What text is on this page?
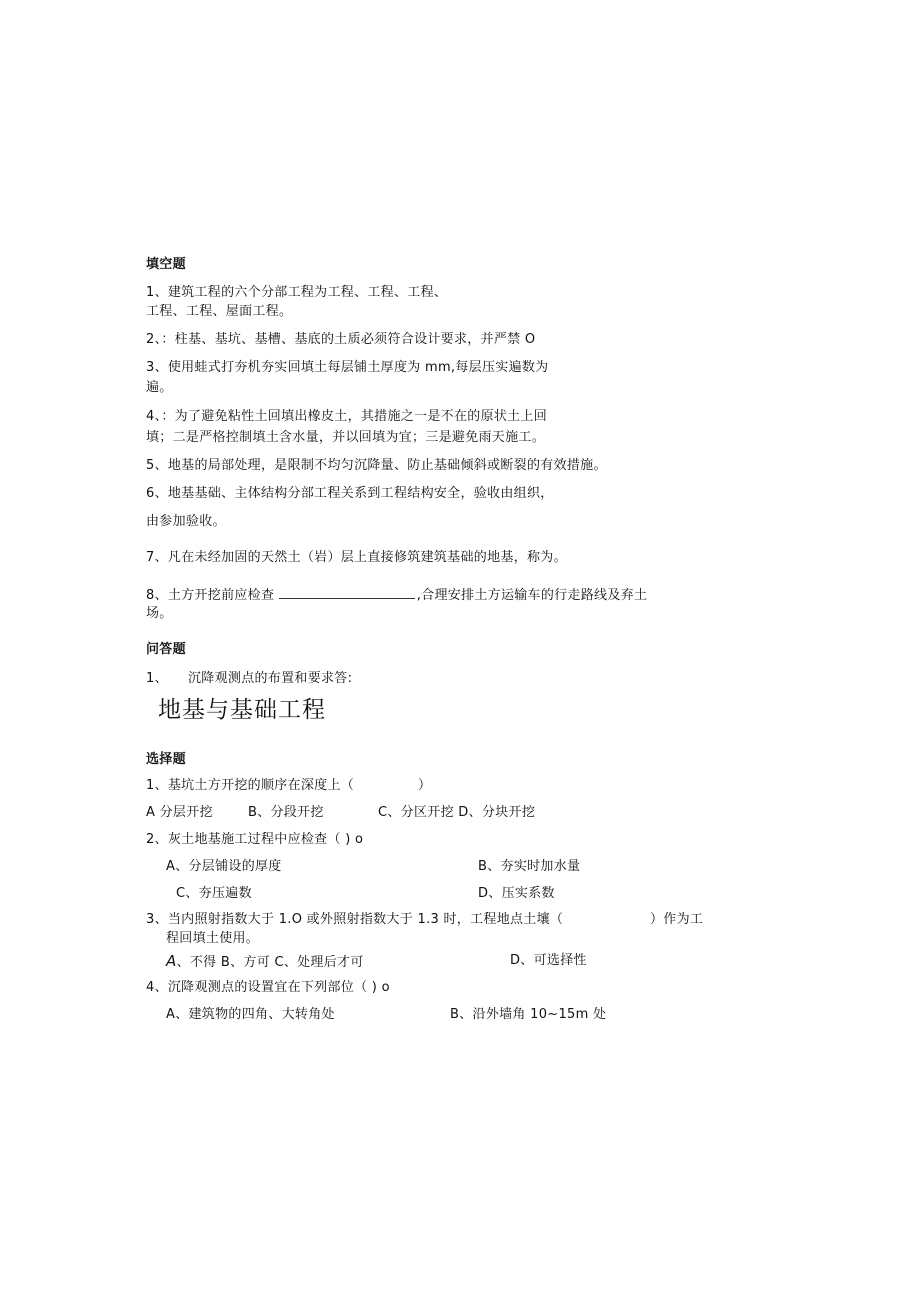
填空题
1、建筑工程的六个分部工程为工程、工程、工程、
工程、工程、屋面工程。
2、：柱基、基坑、基槽、基底的土质必须符合设计要求，并严禁 O
3、使用蛙式打夯机夯实回填土每层铺土厚度为 mm,每层压实遍数为
遍。
4、：为了避免粘性土回填出橡皮土，其措施之一是不在的原状土上回
填；二是严格控制填土含水量，并以回填为宜；三是避免雨天施工。
5、地基的局部处理，是限制不均匀沉降量、防止基础倾斜或断裂的有效措施。
6、地基基础、主体结构分部工程关系到工程结构安全，验收由组织，
由参加验收。
7、凡在未经加固的天然土（岩）层上直接修筑建筑基础的地基，称为。
8、土方开挖前应检查	,合理安排土方运输车的行走路线及弃土
场。
问答题
1、 沉降观测点的布置和要求答:
地基与基础工程
选择题
1、基坑土方开挖的顺序在深度上（	）
A 分层开挖	B、分段开挖	C、分区开挖 D、分块开挖
2、灰土地基施工过程中应检查（ ) o
A、分层铺设的厚度	B、夯实时加水量
C、夯压遍数	D、压实系数
3、当内照射指数大于 1.O 或外照射指数大于 1.3 时，工程地点土壤（	）作为工
程回填土使用。
A、不得 B、方可 C、处理后才可	D、可选择性
4、沉降观测点的设置宜在下列部位（ ) o
A、建筑物的四角、大转角处	B、沿外墙角 10~15m 处
